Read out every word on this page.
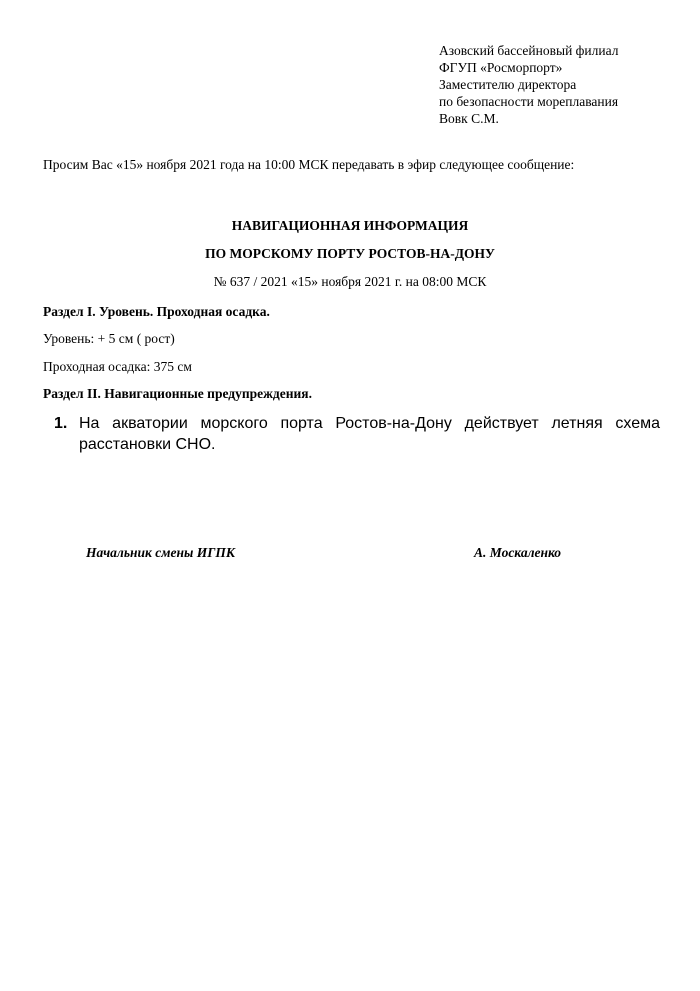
Азовский бассейновый филиал
ФГУП «Росморпорт»
Заместителю директора
по безопасности мореплавания
Вовк С.М.
Просим Вас «15» ноября 2021 года на 10:00 МСК передавать в эфир следующее сообщение:
НАВИГАЦИОННАЯ ИНФОРМАЦИЯ
ПО МОРСКОМУ ПОРТУ РОСТОВ-НА-ДОНУ
№ 637 / 2021 «15» ноября 2021 г. на 08:00 МСК
Раздел I. Уровень. Проходная осадка.
Уровень: + 5 см ( рост)
Проходная осадка: 375 см
Раздел II. Навигационные предупреждения.
1. На акватории морского порта Ростов-на-Дону действует летняя схема расстановки СНО.
Начальник смены ИГПК	А. Москаленко
